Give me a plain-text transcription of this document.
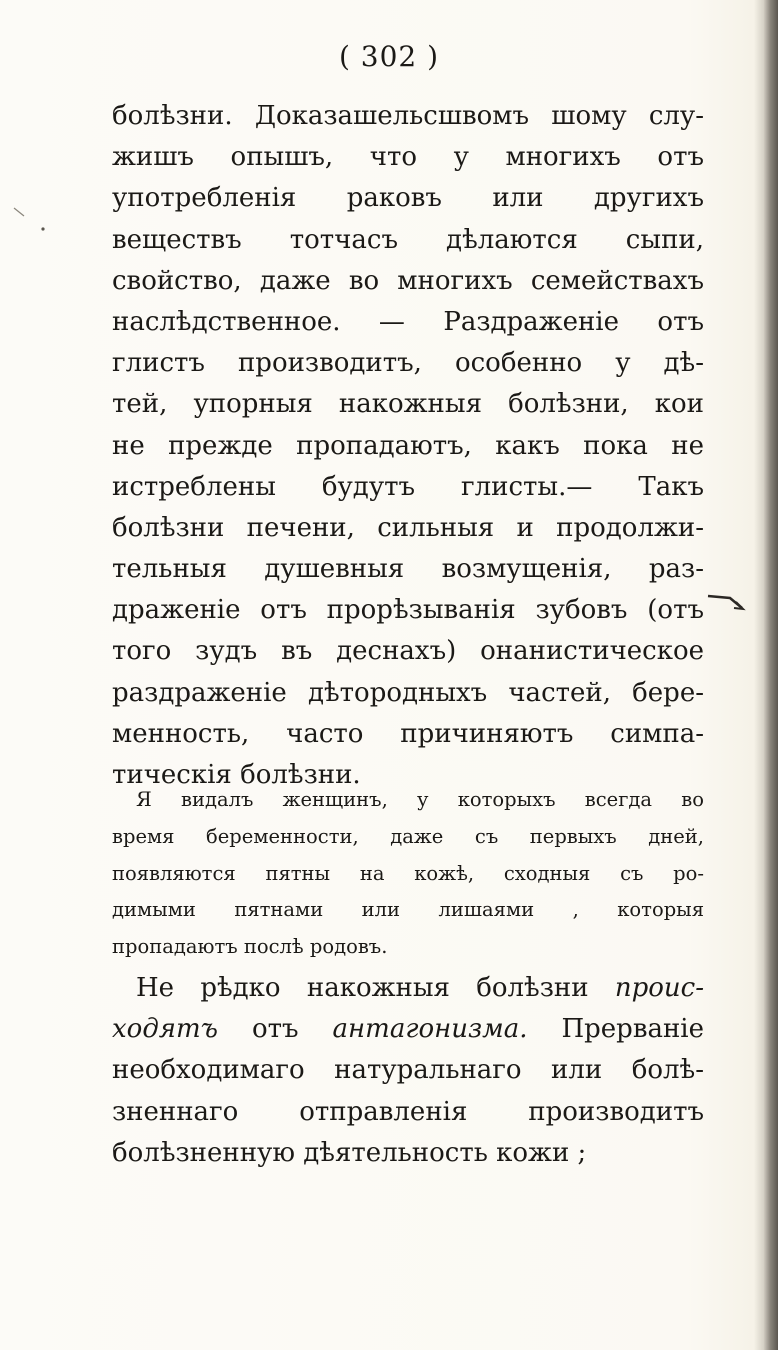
( 302 )
болѣзни. Доказашельсшвомъ шому слу-
жишъ опышъ, что у многихъ отъ
употребленія раковъ или другихъ
веществъ тотчасъ дѣлаются сыпи,
свойство, даже во многихъ семействахъ
наслѣдственное. — Раздраженіе отъ
глистъ производитъ, особенно у дѣ-
тей, упорныя накожныя болѣзни, кои
не прежде пропадаютъ, какъ пока не
истреблены будутъ глисты.— Такъ
болѣзни печени, сильныя и продолжи-
тельныя душевныя возмущенія, раз-
драженіе отъ прорѣзыванія зубовъ (отъ
того зудъ въ деснахъ) онанистическое
раздраженіе дѣтородныхъ частей, бере-
менность, часто причиняютъ симпа-
тическія болѣзни.
Я видалъ женщинъ, у которыхъ всегда во
время беременности, даже съ первыхъ дней,
появляются пятны на кожѣ, сходныя съ ро-
димыми пятнами или лишаями , которыя
пропадаютъ послѣ родовъ.
Не рѣдко накожныя болѣзни проис-
ходятъ отъ антагонизма. Прерваніе
необходимаго натуральнаго или болѣ-
зненнаго отправленія производитъ
болѣзненную дѣятельность кожи ;
